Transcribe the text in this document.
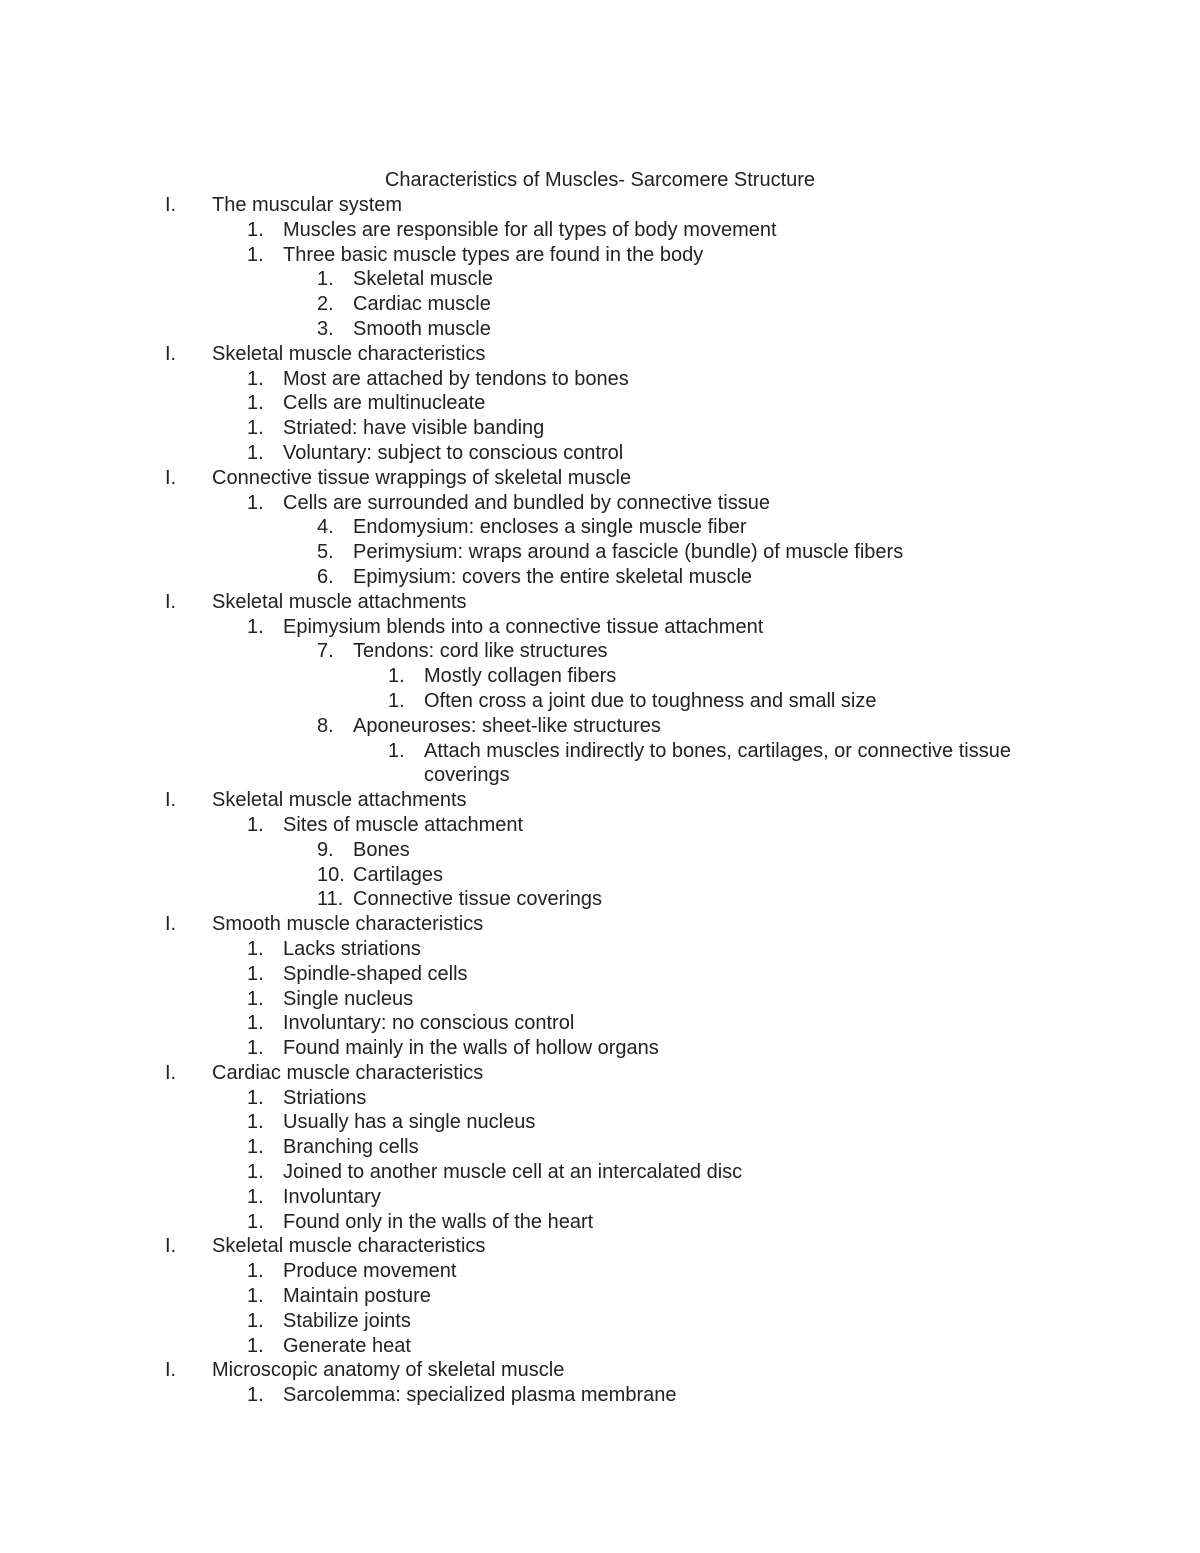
Characteristics of Muscles- Sarcomere Structure
I. The muscular system
1. Muscles are responsible for all types of body movement
1. Three basic muscle types are found in the body
1. Skeletal muscle
2. Cardiac muscle
3. Smooth muscle
I. Skeletal muscle characteristics
1. Most are attached by tendons to bones
1. Cells are multinucleate
1. Striated: have visible banding
1. Voluntary: subject to conscious control
I. Connective tissue wrappings of skeletal muscle
1. Cells are surrounded and bundled by connective tissue
4. Endomysium: encloses a single muscle fiber
5. Perimysium: wraps around a fascicle (bundle) of muscle fibers
6. Epimysium: covers the entire skeletal muscle
I. Skeletal muscle attachments
1. Epimysium blends into a connective tissue attachment
7. Tendons: cord like structures
1. Mostly collagen fibers
1. Often cross a joint due to toughness and small size
8. Aponeuroses: sheet-like structures
1. Attach muscles indirectly to bones, cartilages, or connective tissue
coverings
I. Skeletal muscle attachments
1. Sites of muscle attachment
9. Bones
10. Cartilages
11. Connective tissue coverings
I. Smooth muscle characteristics
1. Lacks striations
1. Spindle-shaped cells
1. Single nucleus
1. Involuntary: no conscious control
1. Found mainly in the walls of hollow organs
I. Cardiac muscle characteristics
1. Striations
1. Usually has a single nucleus
1. Branching cells
1. Joined to another muscle cell at an intercalated disc
1. Involuntary
1. Found only in the walls of the heart
I. Skeletal muscle characteristics
1. Produce movement
1. Maintain posture
1. Stabilize joints
1. Generate heat
I. Microscopic anatomy of skeletal muscle
1. Sarcolemma: specialized plasma membrane
